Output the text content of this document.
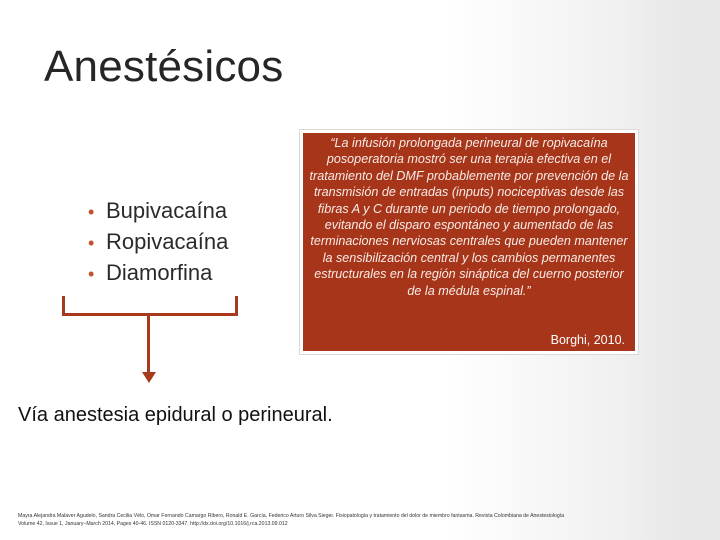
Anestésicos
• Bupivacaína
• Ropivacaína
• Diamorfina
“La infusión prolongada perineural de ropivacaína posoperatoria mostró ser una terapia efectiva en el tratamiento del DMF probablemente por prevención de la transmisión de entradas (inputs) nociceptivas desde las fibras A y C durante un periodo de tiempo prolongado, evitando el disparo espontáneo y aumentado de las terminaciones nerviosas centrales que pueden mantener la sensibilización central y los cambios permanentes estructurales en la región sináptica del cuerno posterior de la médula espinal.”
Borghi, 2010.
Vía anestesia epidural o perineural.
Mayra Alejandra Malaver Agudelo, Sandra Cecilia Vélo, Omar Fernando Camargo Ribero, Ronald E. García, Federico Arturo Silva Sieger. Fisiopatología y tratamiento del dolor de miembro fantasma. Revista Colombiana de Anestesiología
Volume 42, Issue 1, January–March 2014, Pages 40-46. ISSN 0120-3347. http://dx.doi.org/10.1016/j.rca.2013.09.012
